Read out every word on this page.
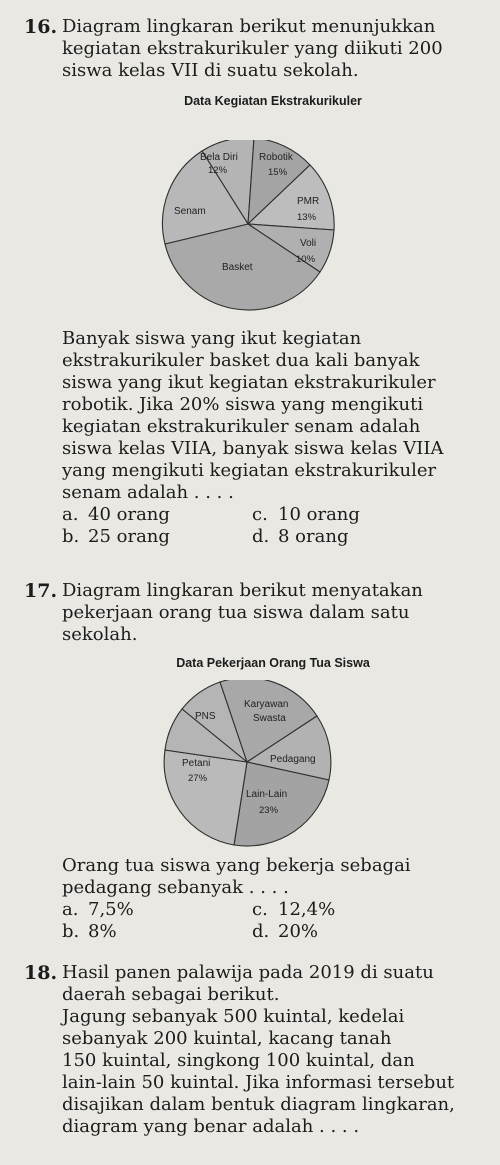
16. Diagram lingkaran berikut menunjukkan
kegiatan ekstrakurikuler yang diikuti 200
siswa kelas VII di suatu sekolah.
Data Kegiatan Ekstrakurikuler
Bela Diri
12%
Robotik
15%
PMR
13%
Senam
Voli
10%
Basket
Banyak siswa yang ikut kegiatan
ekstrakurikuler basket dua kali banyak
siswa yang ikut kegiatan ekstrakurikuler
robotik. Jika 20% siswa yang mengikuti
kegiatan ekstrakurikuler senam adalah
siswa kelas VIIA, banyak siswa kelas VIIA
yang mengikuti kegiatan ekstrakurikuler
senam adalah . . . .
a. 40 orang	c. 10 orang
b. 25 orang	d. 8 orang
17. Diagram lingkaran berikut menyatakan
pekerjaan orang tua siswa dalam satu
sekolah.
Data Pekerjaan Orang Tua Siswa
PNS
Karyawan
Swasta
Pedagang
Petani
27%
Lain-Lain
23%
Orang tua siswa yang bekerja sebagai
pedagang sebanyak . . . .
a. 7,5%	c. 12,4%
b. 8%	d. 20%
18. Hasil panen palawija pada 2019 di suatu
daerah sebagai berikut.
Jagung sebanyak 500 kuintal, kedelai
sebanyak 200 kuintal, kacang tanah
150 kuintal, singkong 100 kuintal, dan
lain-lain 50 kuintal. Jika informasi tersebut
disajikan dalam bentuk diagram lingkaran,
diagram yang benar adalah . . . .
